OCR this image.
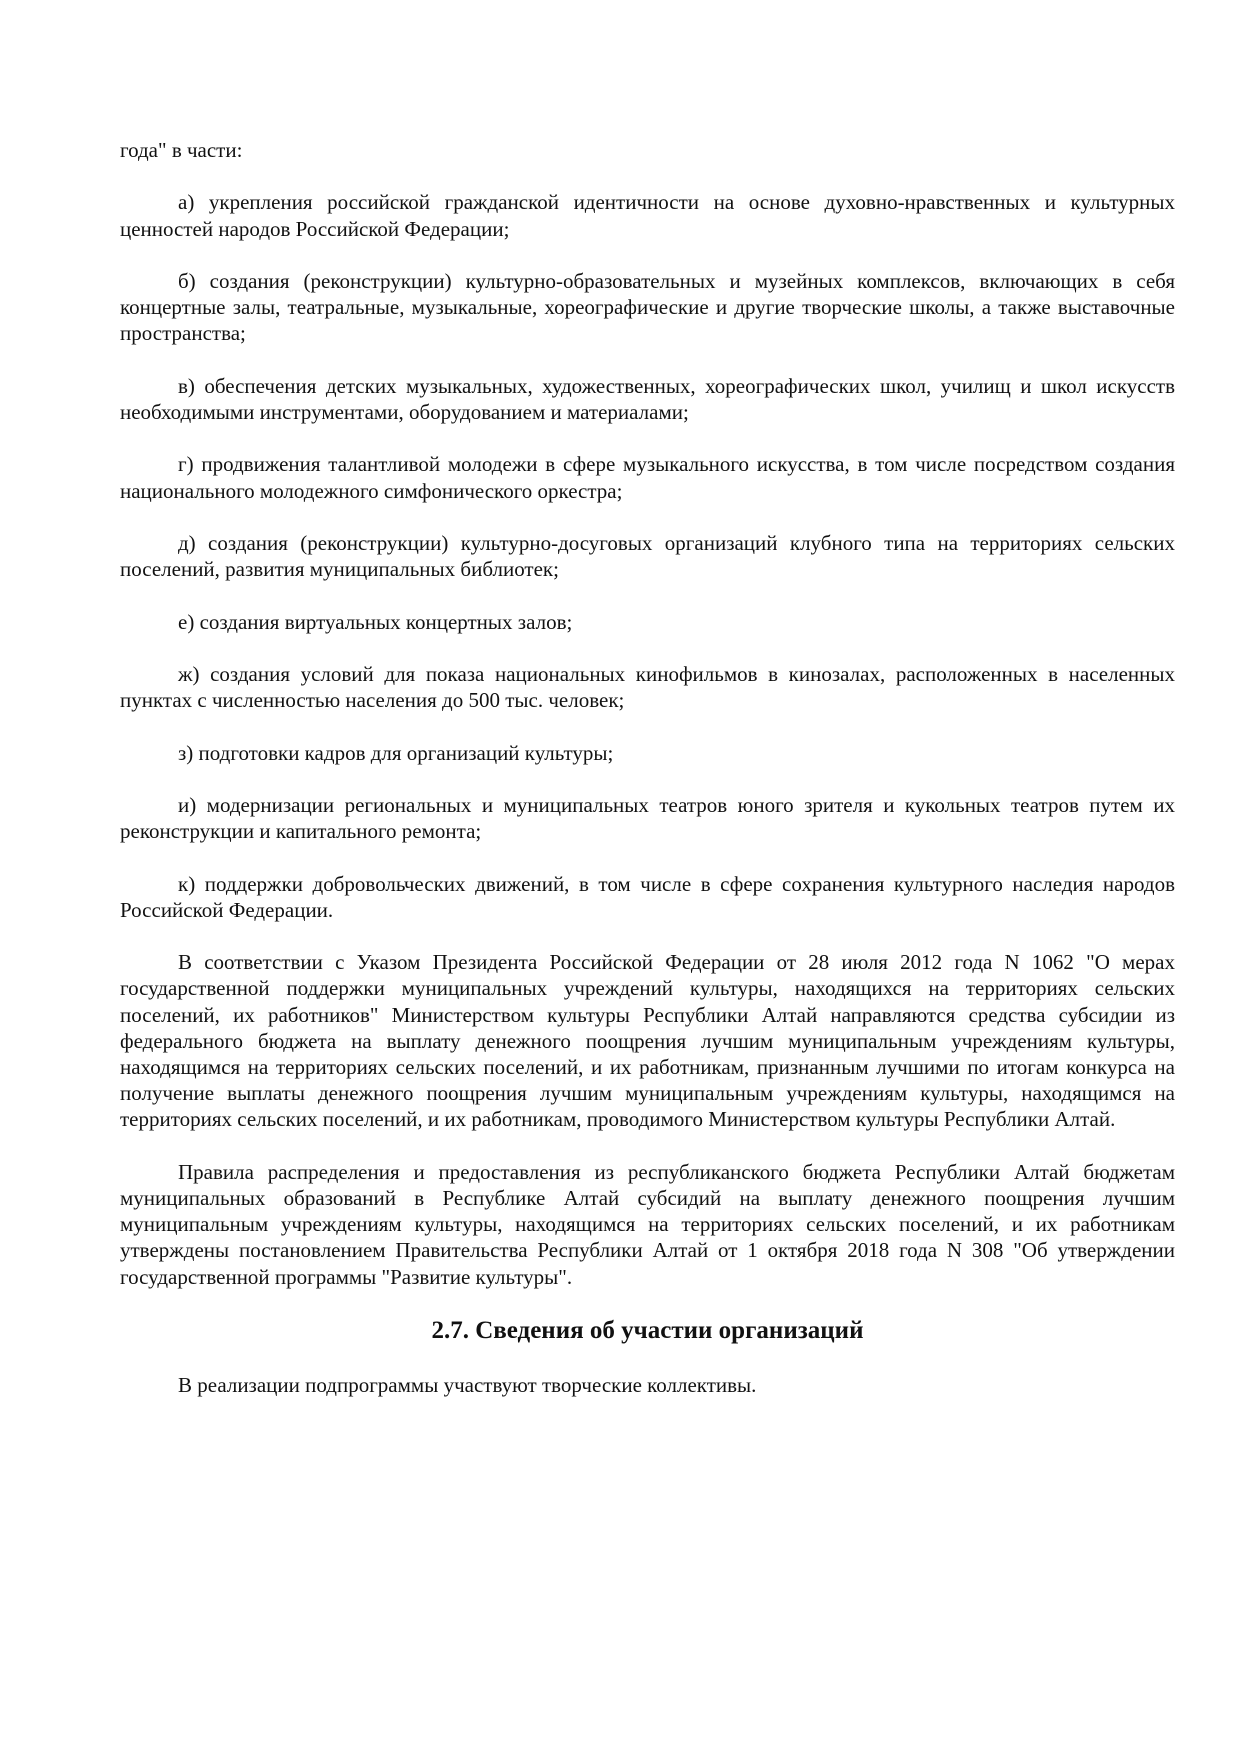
года" в части:

а) укрепления российской гражданской идентичности на основе духовно-нравственных и культурных ценностей народов Российской Федерации;

б) создания (реконструкции) культурно-образовательных и музейных комплексов, включающих в себя концертные залы, театральные, музыкальные, хореографические и другие творческие школы, а также выставочные пространства;

в) обеспечения детских музыкальных, художественных, хореографических школ, училищ и школ искусств необходимыми инструментами, оборудованием и материалами;

г) продвижения талантливой молодежи в сфере музыкального искусства, в том числе посредством создания национального молодежного симфонического оркестра;

д) создания (реконструкции) культурно-досуговых организаций клубного типа на территориях сельских поселений, развития муниципальных библиотек;

е) создания виртуальных концертных залов;

ж) создания условий для показа национальных кинофильмов в кинозалах, расположенных в населенных пунктах с численностью населения до 500 тыс. человек;

з) подготовки кадров для организаций культуры;

и) модернизации региональных и муниципальных театров юного зрителя и кукольных театров путем их реконструкции и капитального ремонта;

к) поддержки добровольческих движений, в том числе в сфере сохранения культурного наследия народов Российской Федерации.

В соответствии с Указом Президента Российской Федерации от 28 июля 2012 года N 1062 "О мерах государственной поддержки муниципальных учреждений культуры, находящихся на территориях сельских поселений, их работников" Министерством культуры Республики Алтай направляются средства субсидии из федерального бюджета на выплату денежного поощрения лучшим муниципальным учреждениям культуры, находящимся на территориях сельских поселений, и их работникам, признанным лучшими по итогам конкурса на получение выплаты денежного поощрения лучшим муниципальным учреждениям культуры, находящимся на территориях сельских поселений, и их работникам, проводимого Министерством культуры Республики Алтай.

Правила распределения и предоставления из республиканского бюджета Республики Алтай бюджетам муниципальных образований в Республике Алтай субсидий на выплату денежного поощрения лучшим муниципальным учреждениям культуры, находящимся на территориях сельских поселений, и их работникам утверждены постановлением Правительства Республики Алтай от 1 октября 2018 года N 308 "Об утверждении государственной программы "Развитие культуры".

2.7. Сведения об участии организаций

В реализации подпрограммы участвуют творческие коллективы.
